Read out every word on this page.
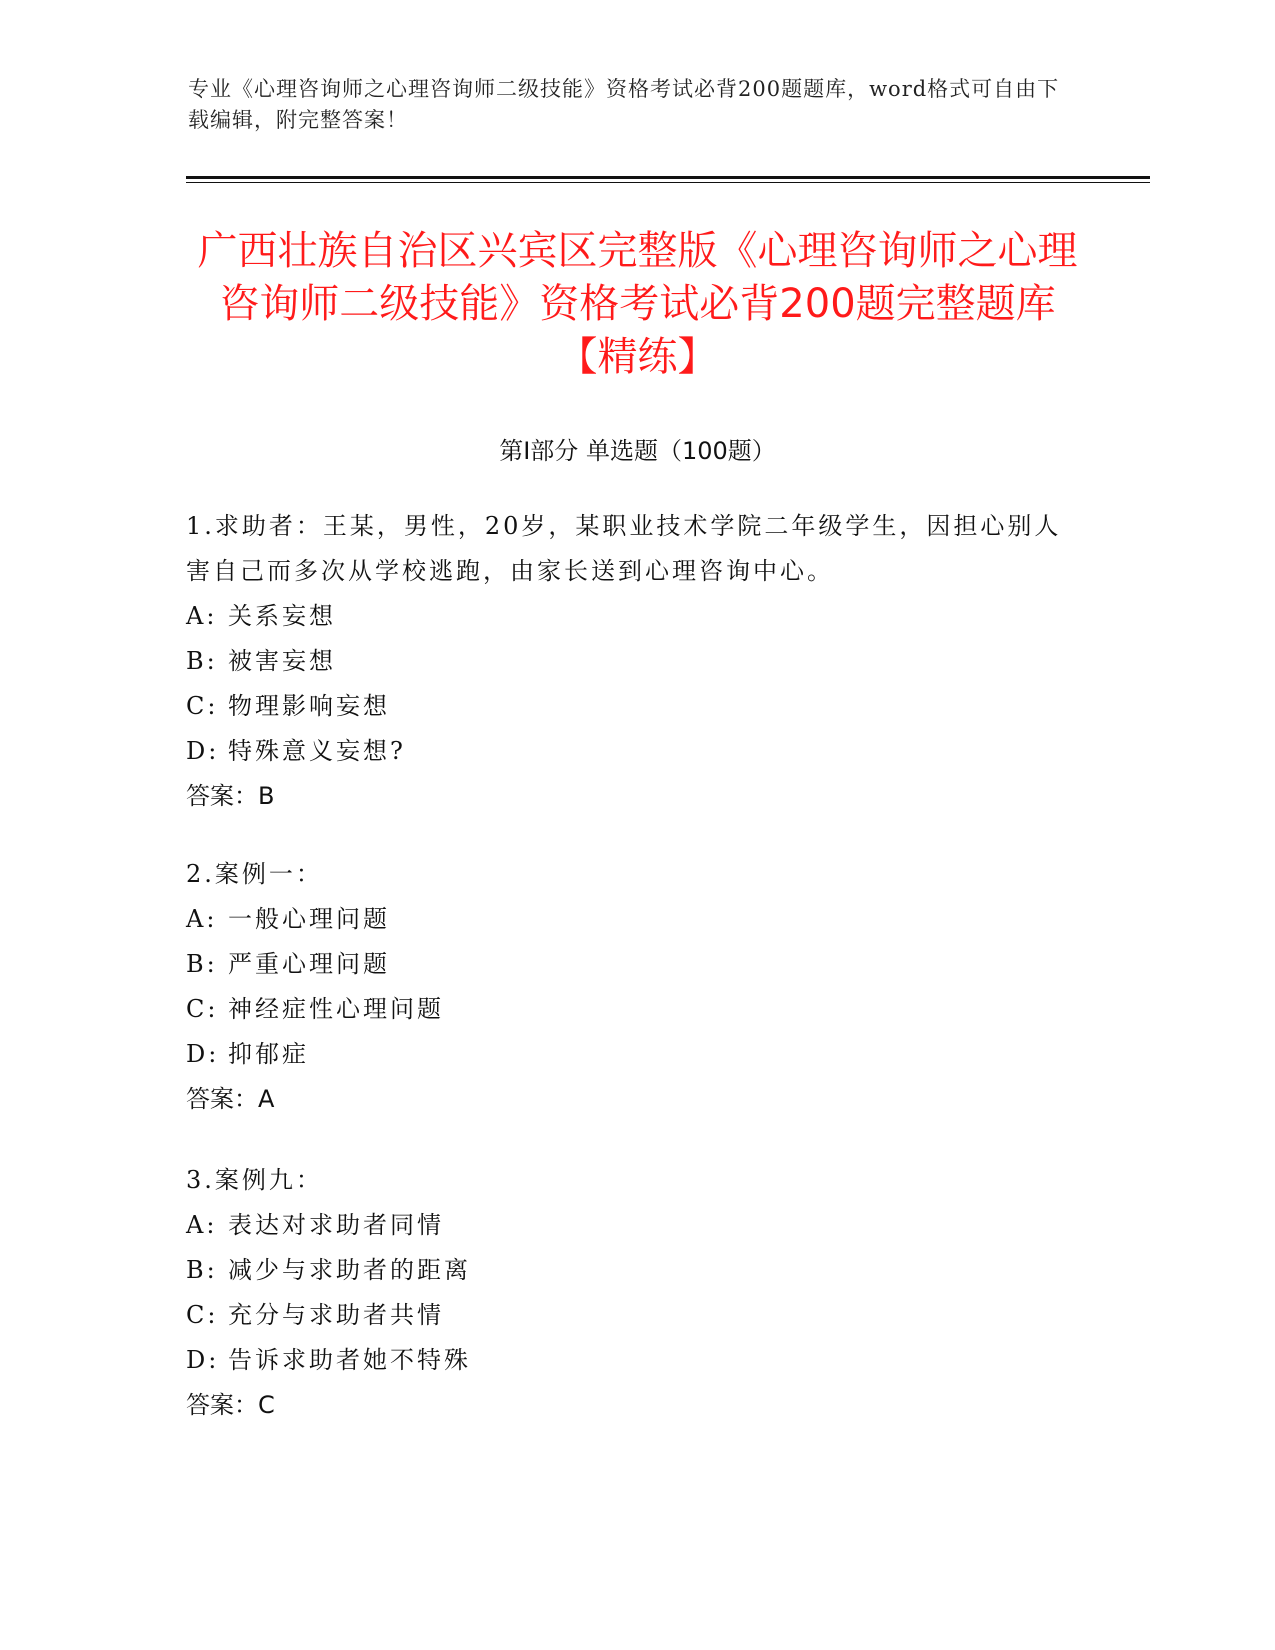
专业《心理咨询师之心理咨询师二级技能》资格考试必背200题题库，word格式可自由下载编辑，附完整答案！
广西壮族自治区兴宾区完整版《心理咨询师之心理咨询师二级技能》资格考试必背200题完整题库【精练】
第Ⅰ部分 单选题（100题）

1.求助者：王某，男性，20岁，某职业技术学院二年级学生，因担心别人害自己而多次从学校逃跑，由家长送到心理咨询中心。

A: 关系妄想

B: 被害妄想

C: 物理影响妄想

D: 特殊意义妄想?

答案：B

2.案例一：

A: 一般心理问题

B: 严重心理问题

C: 神经症性心理问题

D: 抑郁症

答案：A

3.案例九：

A: 表达对求助者同情

B: 减少与求助者的距离

C: 充分与求助者共情

D: 告诉求助者她不特殊

答案：C
